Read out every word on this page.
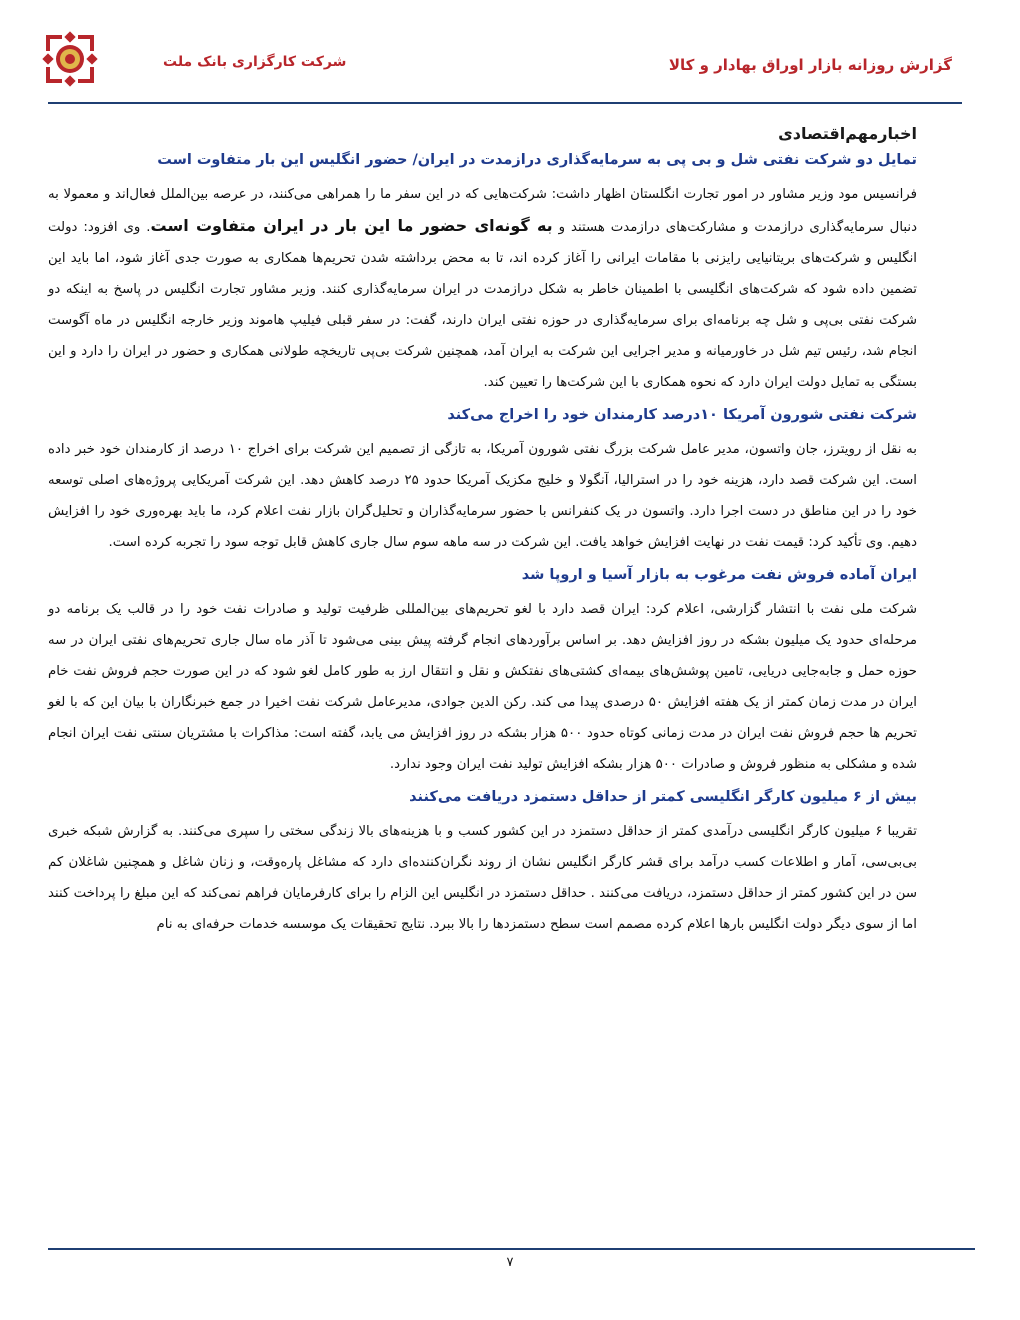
گزارش روزانه بازار اوراق بهادار و کالا
شرکت کارگزاری بانک ملت
اخبارمهم‌اقتصادی
تمایل دو شرکت نفتی شل و بی پی به سرمایه‌گذاری درازمدت در ایران/ حضور انگلیس این بار متفاوت است

فرانسیس مود وزیر مشاور در امور تجارت انگلستان اظهار داشت: شرکت‌هایی که در این سفر ما را همراهی می‌کنند، در عرصه بین‌الملل فعال‌اند و معمولا به دنبال سرمایه‌گذاری درازمدت و مشارکت‌های درازمدت هستند و به گونه‌ای حضور ما این بار در ایران متفاوت است. وی افزود: دولت انگلیس و شرکت‌های بریتانیایی رایزنی با مقامات ایرانی را آغاز کرده اند، تا به محض برداشته شدن تحریم‌ها همکاری به صورت جدی آغاز شود، اما باید این تضمین داده شود که شرکت‌های انگلیسی با اطمینان خاطر به شکل درازمدت در ایران سرمایه‌گذاری کنند. وزیر مشاور تجارت انگلیس در پاسخ به اینکه دو شرکت نفتی بی‌پی و شل چه برنامه‌ای برای سرمایه‌گذاری در حوزه نفتی ایران دارند، گفت: در سفر قبلی فیلیپ هاموند وزیر خارجه انگلیس در ماه آگوست انجام شد، رئیس تیم شل در خاورمیانه و مدیر اجرایی این شرکت به ایران آمد، همچنین شرکت بی‌پی تاریخچه طولانی همکاری و حضور در ایران را دارد و این بستگی به تمایل دولت ایران دارد که نحوه همکاری با این شرکت‌ها را تعیین کند.

شرکت نفتی شورون آمریکا ۱۰درصد کارمندان خود را اخراج می‌کند

به نقل از رویترز، جان واتسون، مدیر عامل شرکت بزرگ نفتی شورون آمریکا، به تازگی از تصمیم این شرکت برای اخراج ۱۰ درصد از کارمندان خود خبر داده است. این شرکت قصد دارد، هزینه خود را در استرالیا، آنگولا و خلیج مکزیک آمریکا حدود ۲۵ درصد کاهش دهد. این شرکت آمریکایی پروژه‌های اصلی توسعه خود را در این مناطق در دست اجرا دارد. واتسون در یک کنفرانس با حضور سرمایه‌گذاران و تحلیل‌گران بازار نفت اعلام کرد، ما باید بهره‌وری خود را افزایش دهیم. وی تأکید کرد: قیمت نفت در نهایت افزایش خواهد یافت. این شرکت در سه ماهه سوم سال جاری کاهش قابل توجه سود را تجربه کرده است.

ایران آماده فروش نفت مرغوب به بازار آسیا و اروپا شد

شرکت ملی نفت با انتشار گزارشی، اعلام کرد: ایران قصد دارد با لغو تحریم‌های بین‌المللی ظرفیت تولید و صادرات نفت خود را در قالب یک برنامه دو مرحله‌ای حدود یک میلیون بشکه در روز افزایش دهد. بر اساس برآوردهای انجام گرفته پیش بینی می‌شود تا آذر ماه سال جاری تحریم‌های نفتی ایران در سه حوزه حمل و جابه‌جایی دریایی، تامین پوشش‌های بیمه‌ای کشتی‌های نفتکش و نقل و انتقال ارز به طور کامل لغو شود که در این صورت حجم فروش نفت خام ایران در مدت زمان کمتر از یک هفته افزایش ۵۰ درصدی پیدا می کند. رکن الدین جوادی، مدیرعامل شرکت نفت اخیرا در جمع خبرنگاران با بیان این که با لغو تحریم ها حجم فروش نفت ایران در مدت زمانی کوتاه حدود ۵۰۰ هزار بشکه در روز افزایش می یابد، گفته است: مذاکرات با مشتریان سنتی نفت ایران انجام شده و مشکلی به منظور فروش و صادرات ۵۰۰ هزار بشکه افزایش تولید نفت ایران وجود ندارد.

بیش از ۶ میلیون کارگر انگلیسی کمتر از حداقل دستمزد دریافت می‌کنند

تقریبا ۶ میلیون کارگر انگلیسی درآمدی کمتر از حداقل دستمزد در این کشور کسب و با هزینه‌های بالا زندگی سختی را سپری می‌کنند. به گزارش شبکه خبری بی‌بی‌سی، آمار و اطلاعات کسب درآمد برای قشر کارگر انگلیس نشان از روند نگران‌کننده‌ای دارد که مشاغل پاره‌وقت، و زنان شاغل و همچنین شاغلان کم سن در این کشور کمتر از حداقل دستمزد، دریافت می‌کنند . حداقل دستمزد در انگلیس این الزام را برای کارفرمایان فراهم نمی‌کند که این مبلغ را پرداخت کنند اما از سوی دیگر دولت انگلیس بارها اعلام کرده مصمم است سطح دستمزدها را بالا ببرد. نتایج تحقیقات یک موسسه خدمات حرفه‌ای به نام

۷
